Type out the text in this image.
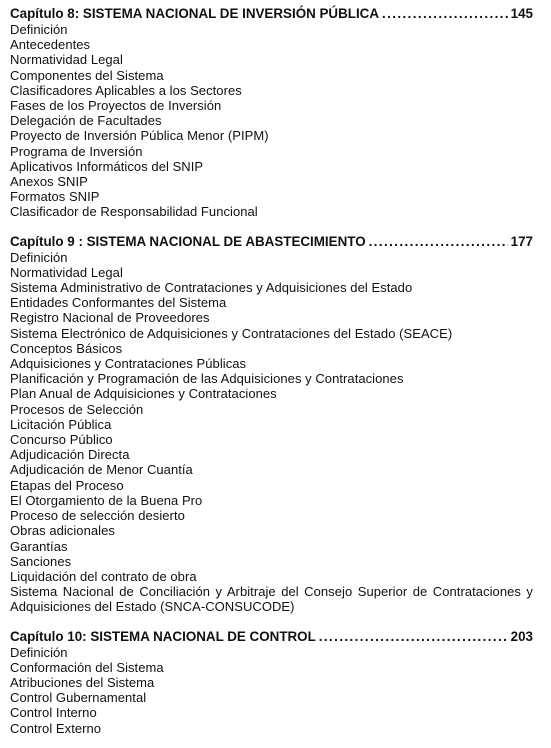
Capítulo 8: SISTEMA NACIONAL DE INVERSIÓN PÚBLICA .....	145
Definición
Antecedentes
Normatividad Legal
Componentes del Sistema
Clasificadores Aplicables a los Sectores
Fases de los Proyectos de Inversión
Delegación de Facultades
Proyecto de Inversión Pública Menor (PIPM)
Programa de Inversión
Aplicativos Informáticos del SNIP
Anexos SNIP
Formatos SNIP
Clasificador de Responsabilidad Funcional
Capítulo 9 : SISTEMA NACIONAL DE ABASTECIMIENTO .....	177
Definición
Normatividad Legal
Sistema Administrativo de Contrataciones y Adquisiciones del Estado
Entidades Conformantes del Sistema
Registro Nacional de Proveedores
Sistema Electrónico de Adquisiciones y Contrataciones del Estado (SEACE)
Conceptos Básicos
Adquisiciones y Contrataciones Públicas
Planificación y Programación de las Adquisiciones y Contrataciones
Plan Anual de Adquisiciones y Contrataciones
Procesos de Selección
Licitación Pública
Concurso Público
Adjudicación Directa
Adjudicación de Menor Cuantía
Etapas del Proceso
El Otorgamiento de la Buena Pro
Proceso de selección desierto
Obras adicionales
Garantías
Sanciones
Liquidación del contrato de obra
Sistema Nacional de Conciliación y Arbitraje del Consejo Superior de Contrataciones y
Adquisiciones del Estado (SNCA-CONSUCODE)
Capítulo 10: SISTEMA NACIONAL DE CONTROL .....	203
Definición
Conformación del Sistema
Atribuciones del Sistema
Control Gubernamental
Control Interno
Control Externo
